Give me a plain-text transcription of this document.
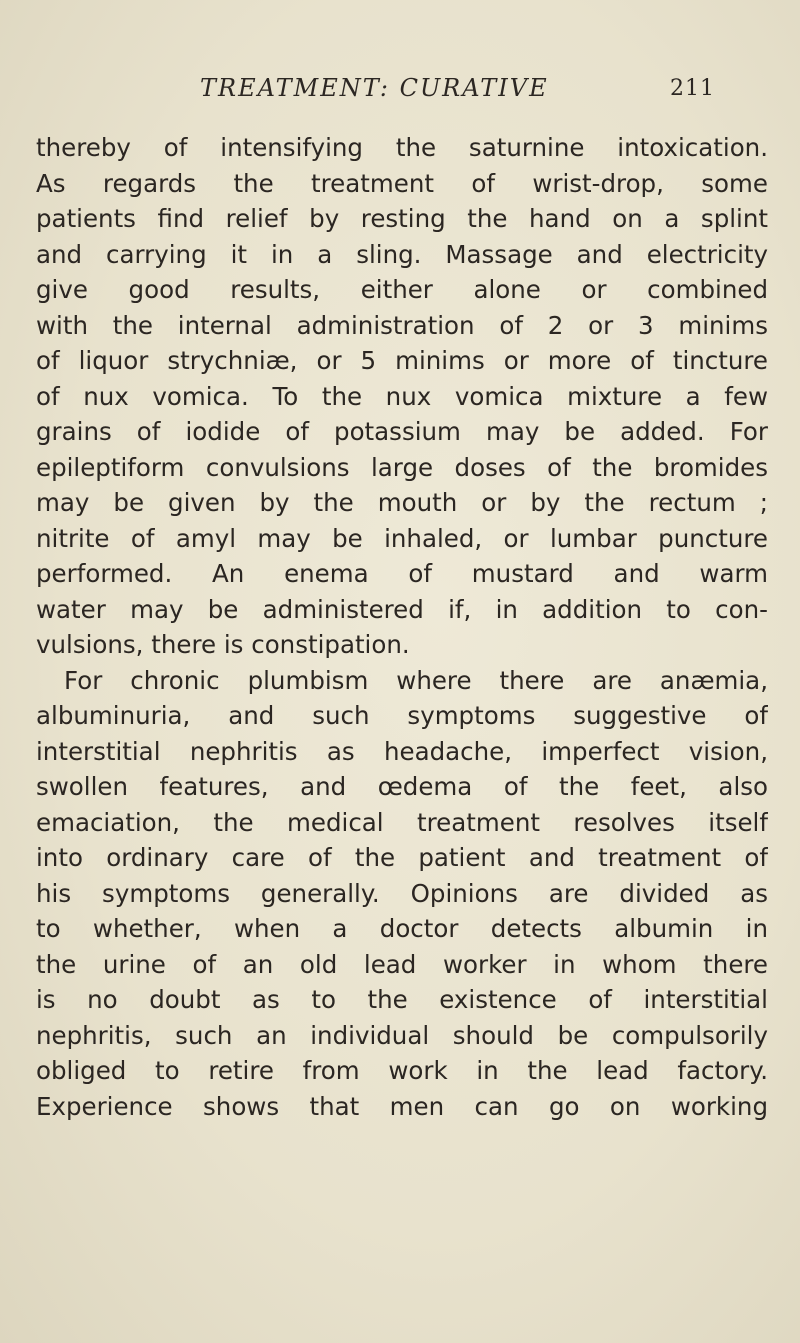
TREATMENT: CURATIVE	211
thereby of intensifying the saturnine intoxication.
As regards the treatment of wrist-drop, some
patients find relief by resting the hand on a splint
and carrying it in a sling. Massage and electricity
give good results, either alone or combined
with the internal administration of 2 or 3 minims
of liquor strychniæ, or 5 minims or more of tincture
of nux vomica. To the nux vomica mixture a few
grains of iodide of potassium may be added. For
epileptiform convulsions large doses of the bromides
may be given by the mouth or by the rectum ;
nitrite of amyl may be inhaled, or lumbar puncture
performed. An enema of mustard and warm
water may be administered if, in addition to con-
vulsions, there is constipation.
For chronic plumbism where there are anæmia,
albuminuria, and such symptoms suggestive of
interstitial nephritis as headache, imperfect vision,
swollen features, and œdema of the feet, also
emaciation, the medical treatment resolves itself
into ordinary care of the patient and treatment of
his symptoms generally. Opinions are divided as
to whether, when a doctor detects albumin in
the urine of an old lead worker in whom there
is no doubt as to the existence of interstitial
nephritis, such an individual should be compulsorily
obliged to retire from work in the lead factory.
Experience shows that men can go on working
